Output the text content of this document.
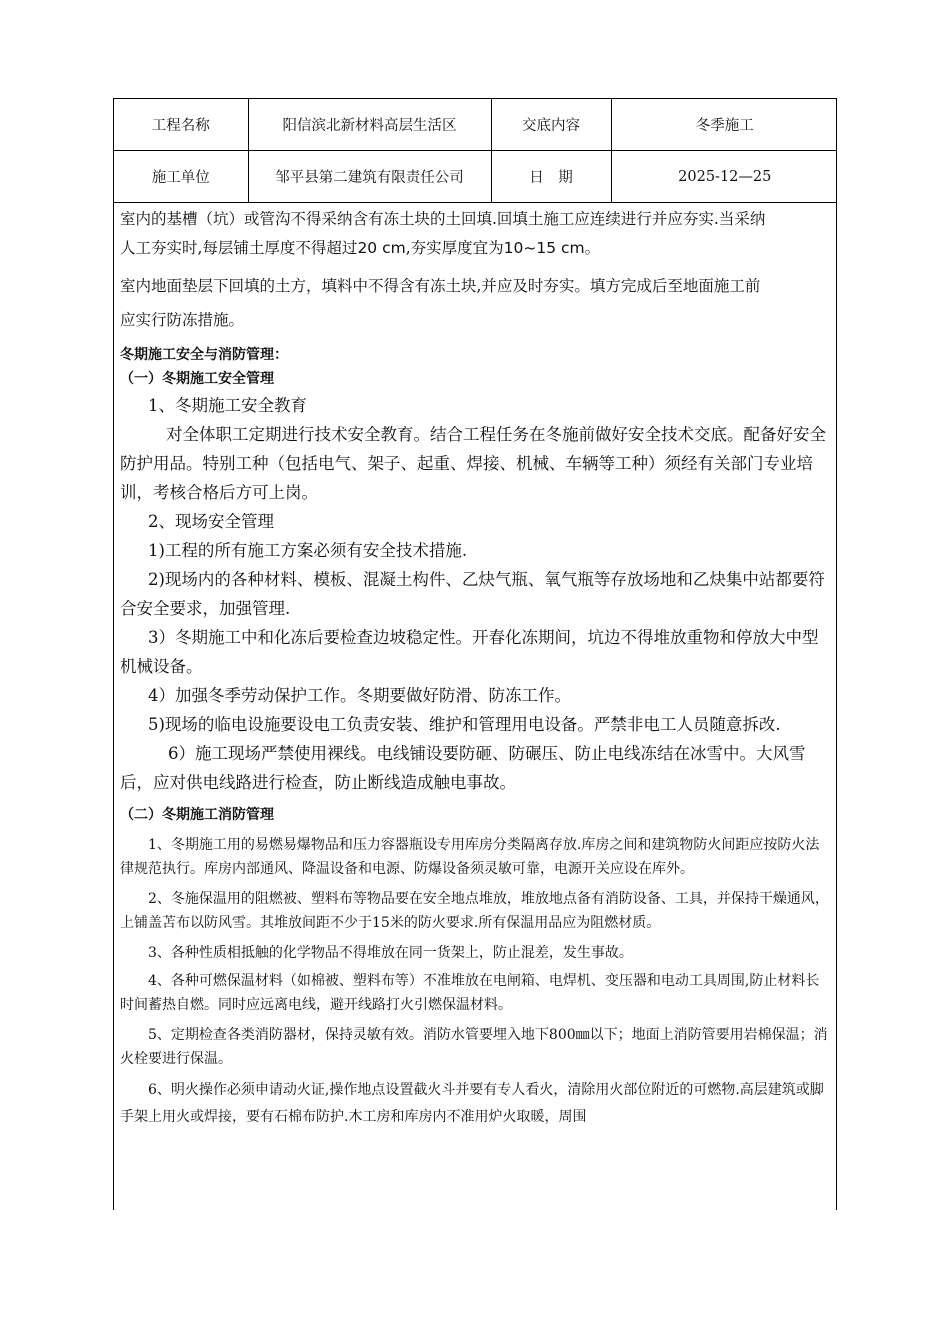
工程名称	阳信滨北新材料高层生活区	交底内容	冬季施工
施工单位	邹平县第二建筑有限责任公司	日　期	2025-12—25

室内的基槽（坑）或管沟不得采纳含有冻土块的土回填.回填土施工应连续进行并应夯实.当采纳

人工夯实时,每层铺土厚度不得超过20 cm,夯实厚度宜为10~15 cm。

室内地面垫层下回填的土方，填料中不得含有冻土块,并应及时夯实。填方完成后至地面施工前

应实行防冻措施。

冬期施工安全与消防管理：

（一）冬期施工安全管理

1、冬期施工安全教育

对全体职工定期进行技术安全教育。结合工程任务在冬施前做好安全技术交底。配备好安全防护用品。特别工种（包括电气、架子、起重、焊接、机械、车辆等工种）须经有关部门专业培训，考核合格后方可上岗。

2、现场安全管理

1)工程的所有施工方案必须有安全技术措施.

2)现场内的各种材料、模板、混凝土构件、乙炔气瓶、氧气瓶等存放场地和乙炔集中站都要符合安全要求，加强管理.

3）冬期施工中和化冻后要检查边坡稳定性。开春化冻期间，坑边不得堆放重物和停放大中型机械设备。

4）加强冬季劳动保护工作。冬期要做好防滑、防冻工作。

5)现场的临电设施要设电工负责安装、维护和管理用电设备。严禁非电工人员随意拆改.

6）施工现场严禁使用裸线。电线铺设要防砸、防碾压、防止电线冻结在冰雪中。大风雪后，应对供电线路进行检查，防止断线造成触电事故。

（二）冬期施工消防管理

1、冬期施工用的易燃易爆物品和压力容器瓶设专用库房分类隔离存放.库房之间和建筑物防火间距应按防火法律规范执行。库房内部通风、降温设备和电源、防爆设备须灵敏可靠，电源开关应设在库外。

2、冬施保温用的阻燃被、塑料布等物品要在安全地点堆放，堆放地点备有消防设备、工具，并保持干燥通风，上铺盖苫布以防风雪。其堆放间距不少于15米的防火要求.所有保温用品应为阻燃材质。

3、各种性质相抵触的化学物品不得堆放在同一货架上，防止混差，发生事故。

4、各种可燃保温材料（如棉被、塑料布等）不准堆放在电闸箱、电焊机、变压器和电动工具周围,防止材料长时间蓄热自燃。同时应远离电线，避开线路打火引燃保温材料。

5、定期检查各类消防器材，保持灵敏有效。消防水管要埋入地下800㎜以下；地面上消防管要用岩棉保温；消火栓要进行保温。

6、明火操作必须申请动火证,操作地点设置截火斗并要有专人看火，清除用火部位附近的可燃物.高层建筑或脚手架上用火或焊接，要有石棉布防护.木工房和库房内不准用炉火取暖，周围
